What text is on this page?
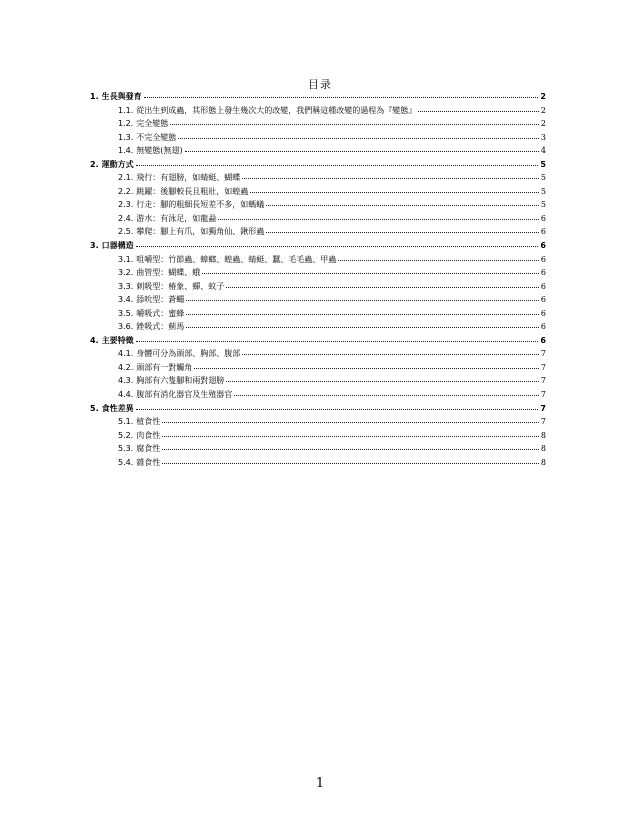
目录
1. 生長與發育	2
1.1. 從出生到成蟲，其形態上發生幾次大的改變，我們稱這種改變的過程為『變態』	2
1.2. 完全變態	2
1.3. 不完全變態	3
1.4. 無變態(無翅)	4
2. 運動方式	5
2.1. 飛行：有翅膀，如蜻蜓、蝴蝶	5
2.2. 跳躍：後腳較長且粗壯，如蝗蟲	5
2.3. 行走：腳的粗細長短差不多，如螞蟻	5
2.4. 游水：有泳足，如龍蝨	6
2.5. 攀爬：腳上有爪，如獨角仙、鍬形蟲	6
3. 口器構造	6
3.1. 咀嚼型：竹節蟲、蟑螂、蝗蟲、蜻蜓、蠶、毛毛蟲、甲蟲	6
3.2. 曲管型：蝴蝶、蛾	6
3.3. 刺吸型：椿象、蟬、蚊子	6
3.4. 舔吮型：蒼蠅	6
3.5. 嚼吸式：蜜蜂	6
3.6. 銼吸式：薊馬	6
4. 主要特徵	6
4.1. 身體可分為頭部、胸部、腹部	7
4.2. 頭部有一對觸角	7
4.3. 胸部有六隻腳和兩對翅膀	7
4.4. 腹部有消化器官及生殖器官	7
5. 食性差異	7
5.1. 植食性	7
5.2. 肉食性	8
5.3. 腐食性	8
5.4. 雜食性	8
1
